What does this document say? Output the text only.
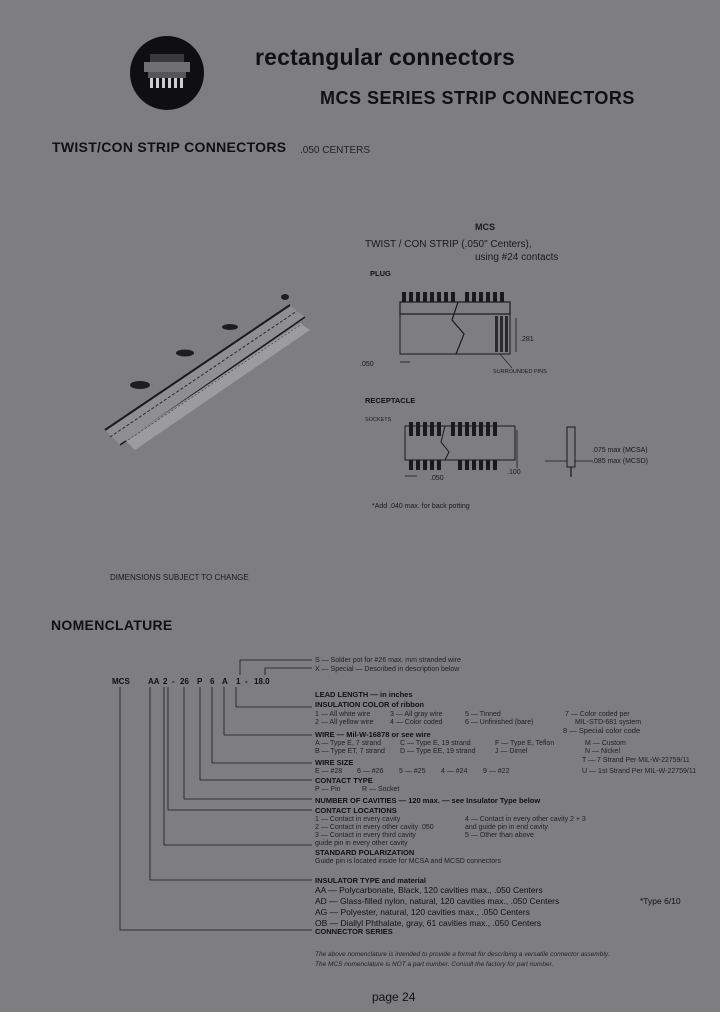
rectangular connectors
MCS SERIES STRIP CONNECTORS
TWIST/CON STRIP CONNECTORS .050 CENTERS
MCS
TWIST / CON STRIP (.050" Centers),
using #24 contacts
PLUG
.050
.281
SURROUNDED PINS
RECEPTACLE
SOCKETS
.050
.100
.075 max (MCSA)
.085 max (MCSD)
*Add .040 max. for back potting
DIMENSIONS SUBJECT TO CHANGE
NOMENCLATURE
MCS AA 2 - 26 P 6 A 1 - 18.0
S — Solder pot for #26 max. mm stranded wire
X — Special — Described in description below
LEAD LENGTH — in inches
INSULATION COLOR of ribbon
1 — All white wire	3 — All gray wire	5 — Tinned	7 — Color coded per
2 — All yellow wire 4 — Color coded	6 — Unfinished (bare)	MIL-STD-681 system
8 — Special color code
WIRE — Mil-W-16878 or see wire
A — Type E, 7 strand	C — Type E, 19 strand	F — Type E, Teflon	M — Custom
B — Type ET, 7 strand D — Type EE, 19 strand	J — Dimel	N — Nickel
WIRE SIZE	T — 7 Strand Per MIL-W-22759/11
E — #28 6 — #26 5 — #25 4 — #24 9 — #22	U — 1st Strand Per MIL-W-22759/11
CONTACT TYPE
P — Pin	R — Socket
NUMBER OF CAVITIES — 120 max. — see Insulator Type below
CONTACT LOCATIONS
1 — Contact in every cavity
2 — Contact in every other cavity .050
3 — Contact in every third cavity
guide pin in every other cavity
4 — Contact in every other cavity 2 + 3
and guide pin in end cavity
5 — Other than above
STANDARD POLARIZATION
Guide pin is located inside for MCSA and MCSD connectors
INSULATOR TYPE and material
AA — Polycarbonate, Black, 120 cavities max., .050 Centers
AD — Glass-filled nylon, natural, 120 cavities max., .050 Centers
AG — Polyester, natural, 120 cavities max., .050 Centers
OB — Diallyl Phthalate, gray, 61 cavities max., .050 Centers
*Type 6/10
CONNECTOR SERIES
The above nomenclature is intended to provide a format for describing a versatile connector assembly.
The MCS nomenclature is NOT a part number. Consult the factory for part number.
page 24
